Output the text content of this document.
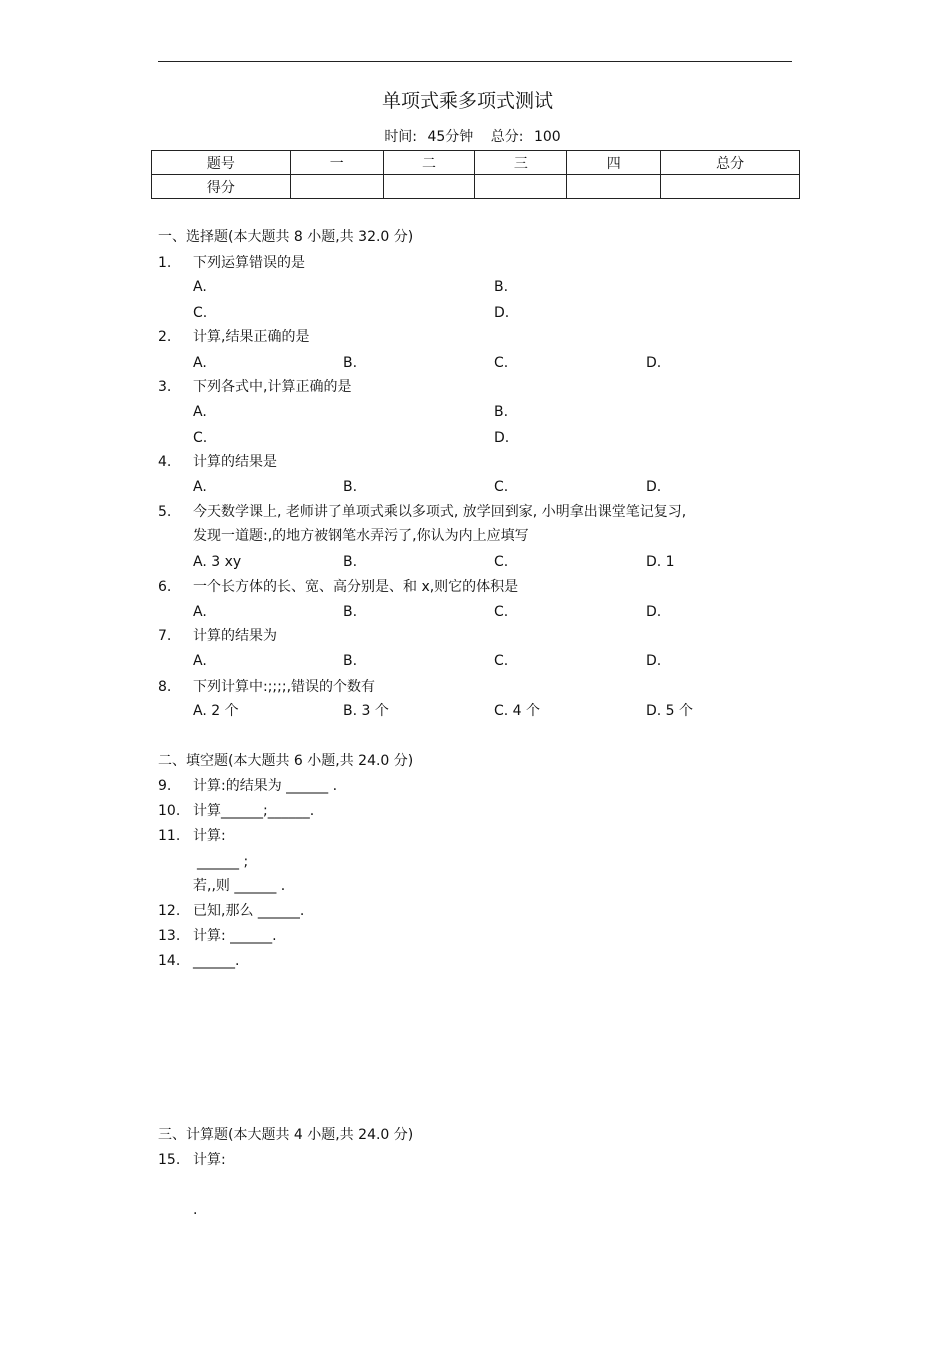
单项式乘多项式测试
时间: 45分钟 总分: 100
题号	一	二	三	四	总分
得分					
一、选择题(本大题共 8 小题,共 32.0 分)
1. 下列运算错误的是
A.	B.
C.	D.
2. 计算,结果正确的是
A.	B.	C.	D.
3. 下列各式中,计算正确的是
A.	B.
C.	D.
4. 计算的结果是
A.	B.	C.	D.
5. 今天数学课上, 老师讲了单项式乘以多项式, 放学回到家, 小明拿出课堂笔记复习,
发现一道题:,的地方被钢笔水弄污了,你认为内上应填写
A. 3 xy	B.	C.	D. 1
6. 一个长方体的长、宽、高分别是、和 x,则它的体积是
A.	B.	C.	D.
7. 计算的结果为
A.	B.	C.	D.
8. 下列计算中:;;;;,错误的个数有
A. 2 个	B. 3 个	C. 4 个	D. 5 个
二、填空题(本大题共 6 小题,共 24.0 分)
9. 计算:的结果为 ______ .
10. 计算______;______.
11. 计算:
______ ;
若,,则 ______ .
12. 已知,那么 ______.
13. 计算: ______.
14. ______.
三、计算题(本大题共 4 小题,共 24.0 分)
15. 计算:
.
